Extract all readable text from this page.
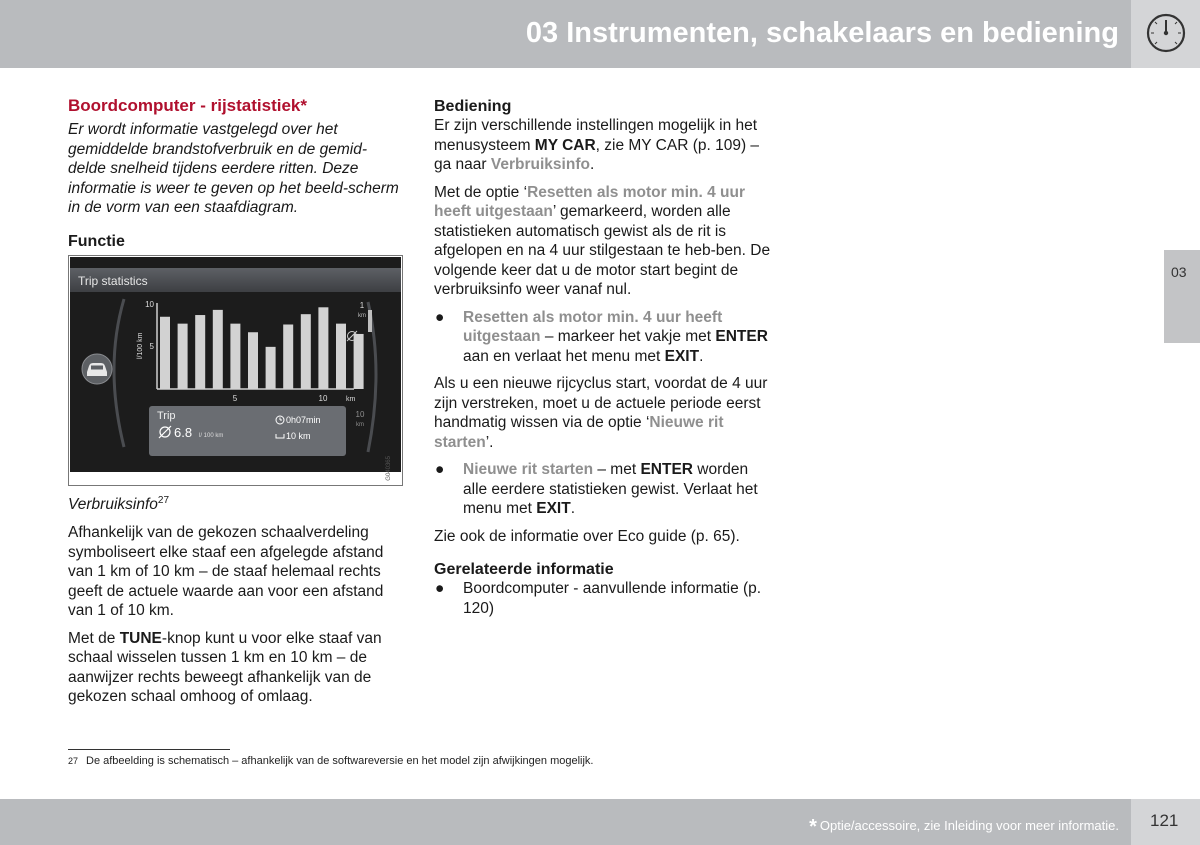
03 Instrumenten, schakelaars en bediening
03
Boordcomputer - rijstatistiek*

Er wordt informatie vastgelegd over het gemiddelde brandstofverbruik en de gemid-delde snelheid tijdens eerdere ritten. Deze informatie is weer te geven op het beeld-scherm in de vorm van een staafdiagram.

Functie
Trip statistics
10
5
l/100 km
5	10	km
1
km
10
km
Trip
6.8 l/ 100 km
0h07min
10 km
G040365
Verbruiksinfo$^{27}$

Afhankelijk van de gekozen schaalverdeling symboliseert elke staaf een afgelegde afstand van 1 km of 10 km – de staaf helemaal rechts geeft de actuele waarde aan voor een afstand van 1 of 10 km.

Met de TUNE-knop kunt u voor elke staaf van schaal wisselen tussen 1 km en 10 km – de aanwijzer rechts beweegt afhankelijk van de gekozen schaal omhoog of omlaag.

Bediening

Er zijn verschillende instellingen mogelijk in het menusysteem MY CAR, zie MY CAR (p. 109) – ga naar Verbruiksinfo.

Met de optie ‘Resetten als motor min. 4 uur heeft uitgestaan’ gemarkeerd, worden alle statistieken automatisch gewist als de rit is afgelopen en na 4 uur stilgestaan te heb-ben. De volgende keer dat u de motor start begint de verbruiksinfo weer vanaf nul.

● Resetten als motor min. 4 uur heeft uitgestaan – markeer het vakje met ENTER aan en verlaat het menu met EXIT.

Als u een nieuwe rijcyclus start, voordat de 4 uur zijn verstreken, moet u de actuele periode eerst handmatig wissen via de optie ‘Nieuwe rit starten’.

● Nieuwe rit starten – met ENTER worden alle eerdere statistieken gewist. Verlaat het menu met EXIT.

Zie ook de informatie over Eco guide (p. 65).

Gerelateerde informatie
● Boordcomputer - aanvullende informatie (p. 120)
27 De afbeelding is schematisch – afhankelijk van de softwareversie en het model zijn afwijkingen mogelijk.
* Optie/accessoire, zie Inleiding voor meer informatie. 121
